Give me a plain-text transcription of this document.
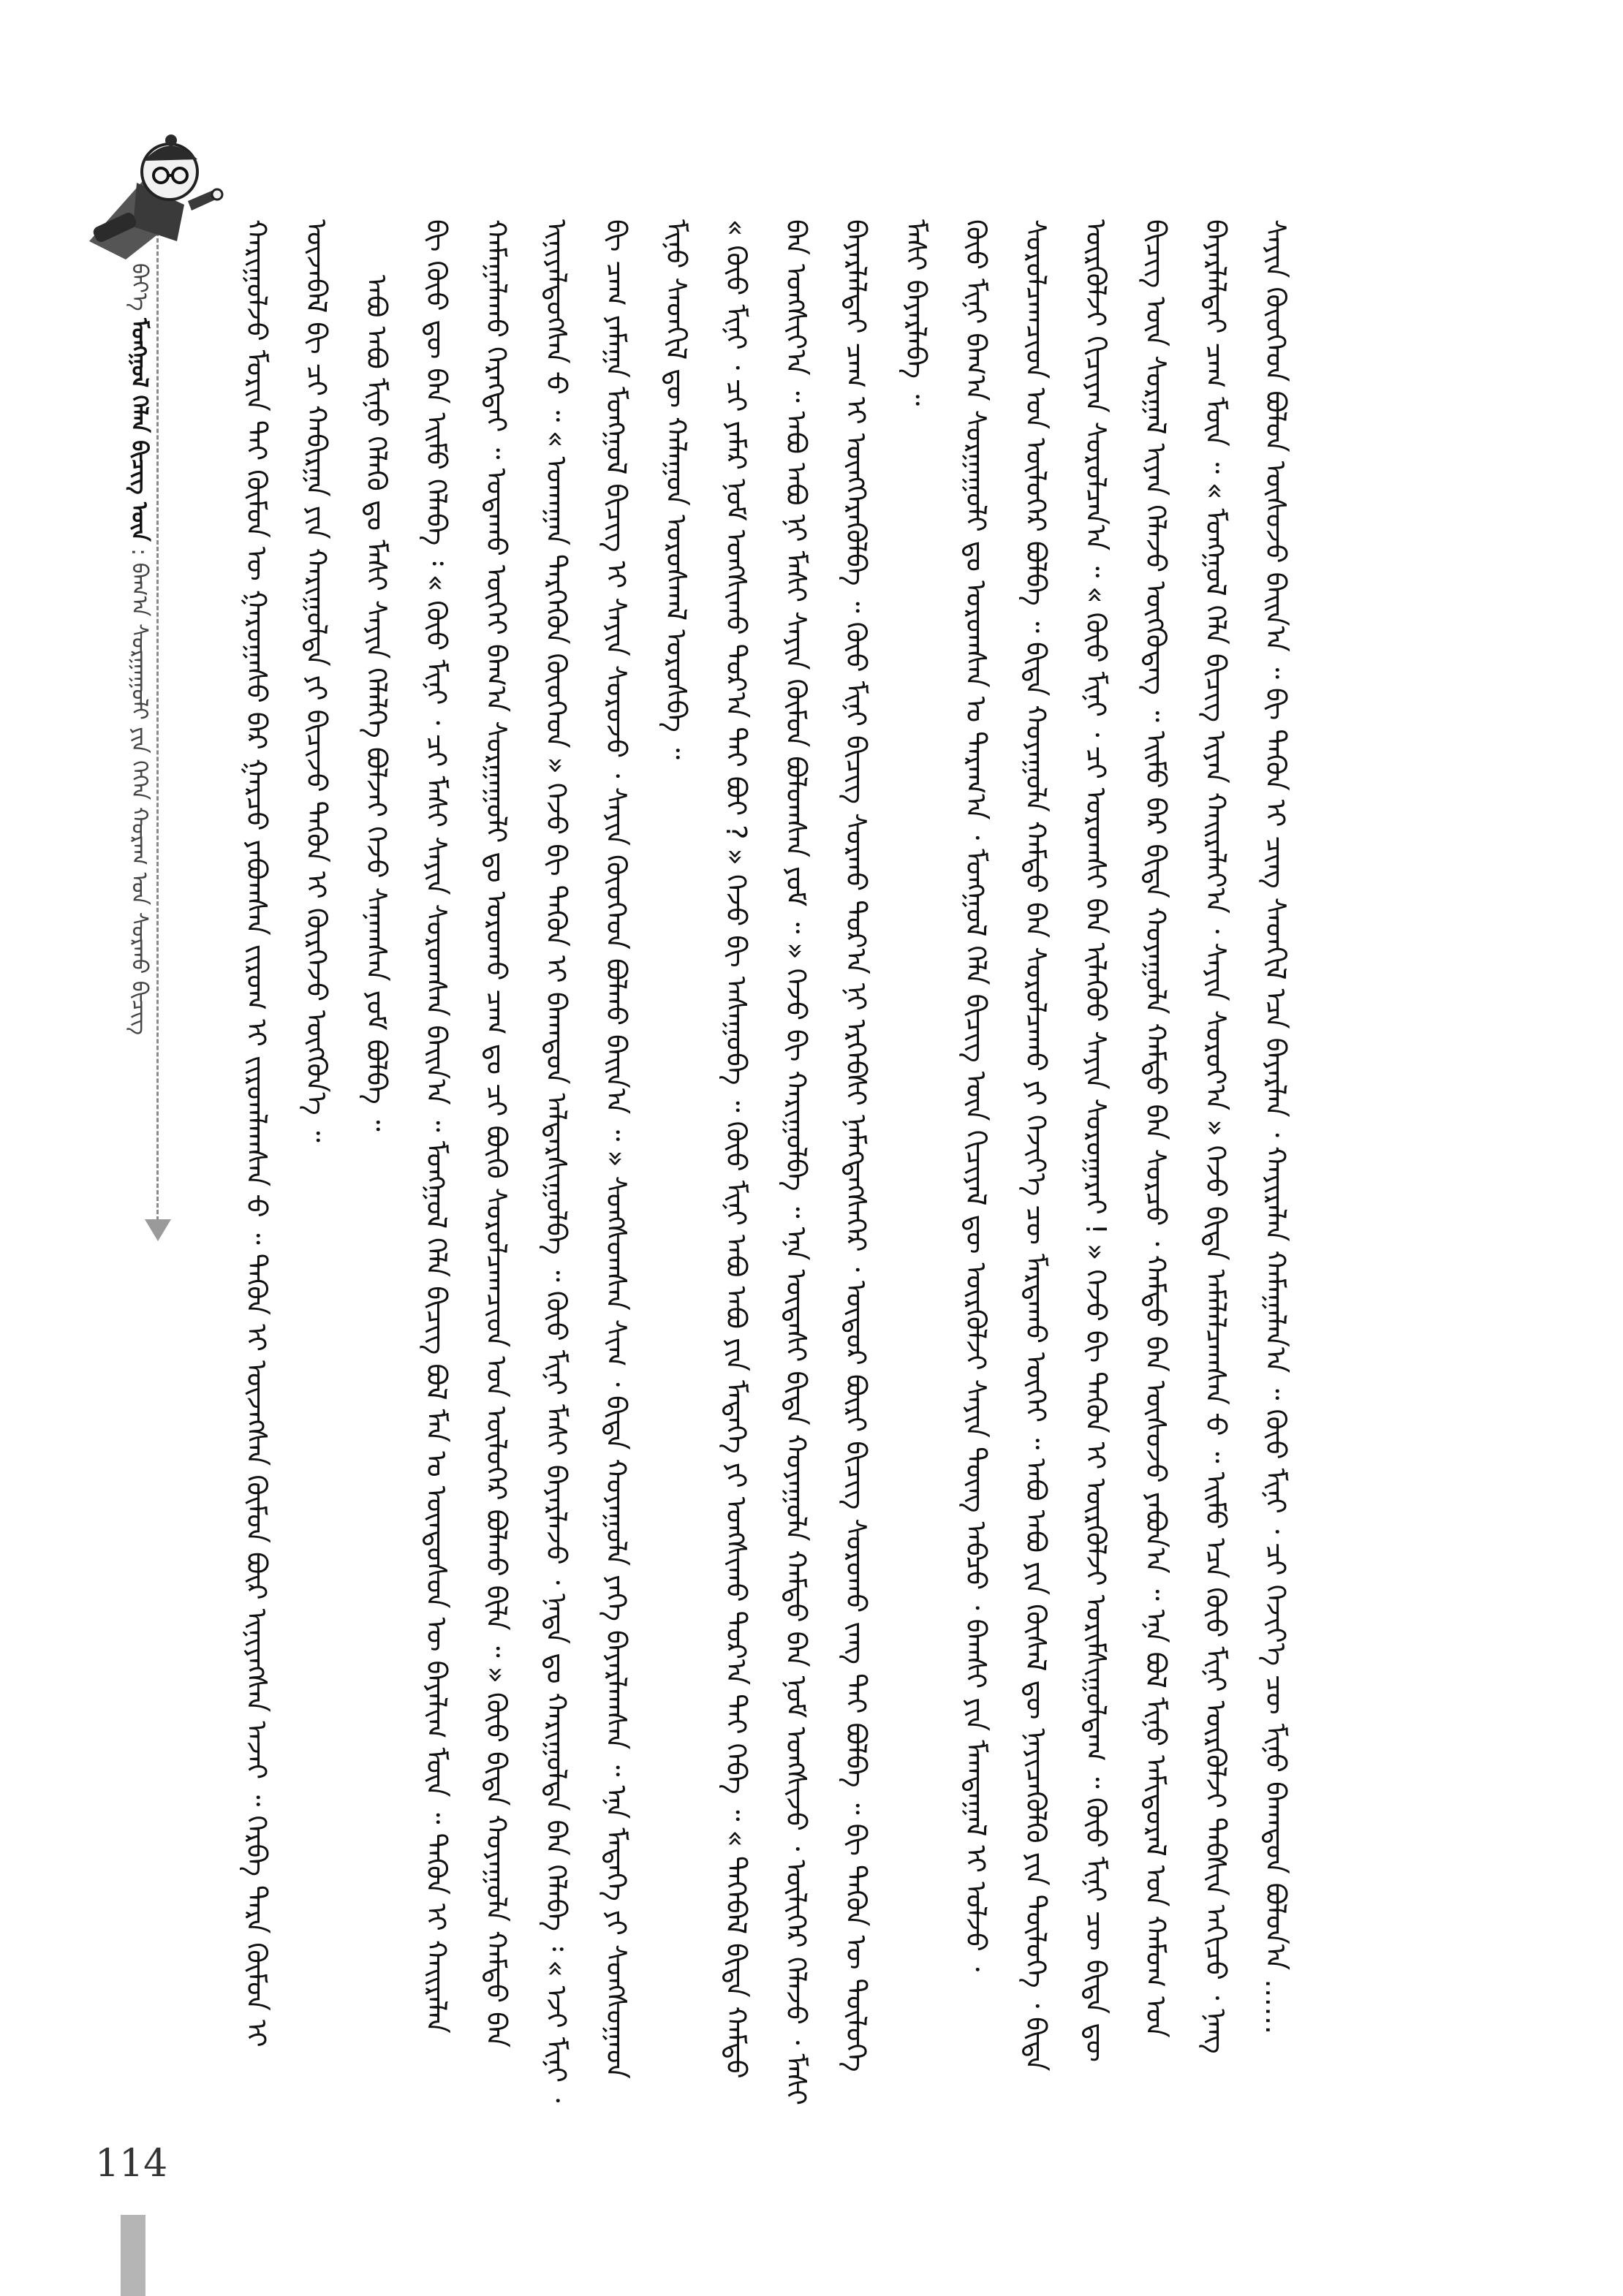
ᠪᠡᠶ᠎ᠡ ᠮᠣᠩᠭᠣᠯ ᠬᠡᠯᠡᠨ ᠪᠢᠴᠢᠭ ᠦᠨ : ᠪᠠᠭ᠎ᠠ ᠰᠤᠷᠭᠠᠭᠤᠯᠢ ᠶᠢᠨ ᠬᠡᠭᠡᠨ ᠬᠣᠷᠠᠭ ᠤᠨ ᠰᠤᠷᠬᠤ ᠪᠢᠴᠢᠭ	ᠬᠠᠷᠢᠭᠤᠯᠵᠤ ᠮᠣᠷᠢᠨ ᠲᠠᠢ ᠬᠦᠮᠦᠨ ᠦ ᠭᠠᠷᠤᠭᠠᠰᠤ ᠪᠡᠷ ᠭᠠᠷᠴᠤ ᠶᠠᠪᠤᠭᠰᠠᠨ ᠵᠢᠷᠤᠭ ᠢ ᠵᠢᠷᠤᠭᠯᠠᠭᠰᠠᠨ ᠊ᠤ ᠃ ᠲᠡᠭᠦᠨ ᠢ ᠦᠵᠡᠭᠰᠡᠨ ᠬᠦᠮᠦᠨ ᠪᠦᠷ ᠢᠨᠢᠶᠡᠭᠰᠡᠨ ᠠᠵᠠᠢ ᠃ ᠬᠡᠷᠪᠡ ᠲᠡᠷᠡ ᠬᠦᠮᠦᠨ ᠢ ᠦᠵᠡᠪᠡᠯ ᠪᠢ ᠴᠢ ᠬᠠᠪᠢᠷᠭᠠ ᠶᠢᠨ ᠬᠠᠷᠢᠭᠤᠯᠳᠠ ᠶᠢ ᠪᠢᠴᠢᠵᠦ ᠲᠡᠭᠦᠨ ᠢ ᠬᠦᠷᠭᠡᠵᠦ ᠦᠭᠭᠦᠨ᠎ᠡ ᠃	ᠠᠪᠤ ᠠᠪᠤ ᠮᠢᠨᠦ ᠬᠡᠯᠡᠬᠦ ᠳᠤ ᠮᠠᠰᠢ ᠰᠠᠶᠢᠨ ᠬᠡᠯᠡᠯᠭᠡ ᠪᠣᠯᠵᠠᠢ ᠭᠡᠵᠦ ᠰᠠᠨᠠᠭᠰᠠᠨ ᠶᠤᠮ ᠪᠣᠯᠪᠠ ᠃	ᠪᠢ ᠬᠦᠦ ᠳᠦ ᠪᠠᠨ ᠡᠢ᠌ᠮᠦ ᠬᠡᠯᠡᠪᠡ ᠄ « ᠬᠦᠦ ᠮᠢᠨᠢ ᠂ ᠴᠢ ᠮᠠᠰᠢ ᠰᠠᠶᠢᠨ ᠰᠤᠷᠤᠭᠰᠠᠨ ᠪᠠᠢᠨ᠎ᠠ ᠃ ᠮᠣᠩᠭᠣᠯ ᠬᠡᠯᠡ ᠪᠢᠴᠢᠭ ᠪᠣᠯ ᠮᠠᠨ ᠤ ᠦᠨᠳᠦᠰᠦᠨ ᠦ ᠪᠠᠶᠠᠯᠢᠭ ᠮᠥᠨ ᠃ ᠲᠡᠭᠦᠨ ᠢ ᠬᠠᠢᠷᠠᠯᠠᠨ ᠬᠠᠮᠠᠭᠠᠯᠠᠬᠤ ᠬᠡᠷᠡᠭᠲᠡᠢ ᠃ ᠤᠳᠠᠬᠤ ᠦᠭᠡᠢ ᠪᠠᠭ᠎ᠠ ᠰᠤᠷᠭᠠᠭᠤᠯᠢ ᠳᠤ ᠣᠷᠣᠬᠤ ᠴᠠᠭ ᠳᠤ ᠴᠢ ᠪᠦᠬᠦ ᠰᠤᠷᠤᠯᠴᠠᠭᠴᠢᠳ ᠤᠨ ᠦᠯᠦᠭᠡᠷ ᠪᠣᠯᠬᠤ ᠪᠢᠯᠡ ᠃ » ᠬᠦᠦ ᠪᠢᠳᠡ ᠬᠣᠶᠠᠭᠤᠯᠠ ᠬᠠᠮᠲᠤ ᠪᠠᠨ ᠢᠨᠢᠶᠡᠯᠳᠦᠭᠰᠡᠨ ᠊ᠦ ᠃ « ᠤᠬᠠᠭᠠᠨ ᠲᠡᠷᠭᠡᠭᠦᠨ ᠬᠦᠦᠬᠡᠳ » ᠭᠡᠵᠦ ᠪᠢ ᠲᠡᠭᠦᠨ ᠢ ᠪᠠᠬᠠᠳᠤᠨ ᠠᠯᠳᠠᠷᠰᠢᠭᠤᠯᠪᠠ ᠃ ᠬᠦᠦ ᠮᠢᠨᠢ ᠮᠠᠰᠢ ᠪᠠᠶᠠᠷᠯᠠᠵᠤ ᠂ ᠨᠠᠳᠠ ᠳᠤ ᠬᠠᠷᠢᠭᠤᠯᠲᠠ ᠪᠡᠨ ᠬᠡᠯᠡᠪᠡ ᠄ « ᠡᠵᠢ ᠮᠢᠨᠢ ᠂ ᠪᠢ ᠴᠠᠭ ᠶᠠᠮᠠᠭᠠ ᠮᠣᠩᠭᠣᠯ ᠪᠢᠴᠢᠭ ᠢ ᠰᠠᠶᠢᠨ ᠰᠤᠷᠤᠵᠤ ᠂ ᠰᠠᠶᠢᠨ ᠬᠦᠦᠬᠡᠳ ᠪᠣᠯᠬᠤ ᠪᠠᠢᠨ᠎ᠠ ᠃ » ᠰᠣᠩᠰᠣᠭᠰᠠᠨ ᠰᠢᠭ᠋ ᠂ ᠪᠢᠳᠡ ᠬᠣᠶᠠᠭᠤᠯᠠ ᠶᠡᠬᠡ ᠪᠠᠶᠠᠷᠯᠠᠭᠰᠠᠨ ᠃ ᠡᠨᠡ ᠮᠡᠳᠡᠭᠡ ᠶᠢ ᠰᠣᠩᠰᠣᠭᠠᠳ ᠮᠢᠨᠦ ᠰᠡᠳᠬᠢᠯ ᠳᠦ ᠬᠠᠯᠠᠭᠤᠨ ᠤᠷᠤᠰᠬᠠᠯ ᠤᠷᠤᠰᠪᠠ ᠃	« ᠬᠦᠦ ᠮᠢᠨᠢ ᠂ ᠴᠢ ᠶᠠᠮᠠᠷ ᠨᠣᠮ ᠤᠩᠰᠢᠬᠤ ᠳᠤᠷ᠎ᠠ ᠲᠠᠢ ᠪᠤᠢ ? » ᠭᠡᠵᠦ ᠪᠢ ᠠᠰᠠᠭᠤᠪᠠ ᠃ ᠬᠦᠦ ᠮᠢᠨᠢ ᠠᠪᠤ ᠠᠪᠤ ᠶᠢᠨ ᠮᠡᠳᠡᠭᠡ ᠶᠢ ᠤᠩᠰᠢᠬᠤ ᠳᠤᠷ᠎ᠠ ᠲᠠᠢ ᠭᠡᠪᠡ ᠃ « ᠲᠡᠭᠡᠪᠡᠯ ᠪᠢᠳᠡ ᠬᠠᠮᠲᠤ ᠪᠠᠨ ᠤᠩᠰᠢᠶ᠎ᠠ ᠃ ᠠᠪᠤ ᠠᠪᠤ ᠨᠢ ᠮᠠᠰᠢ ᠰᠠᠶᠢᠨ ᠬᠦᠮᠦᠨ ᠪᠣᠯᠣᠭᠰᠠᠨ ᠶᠤᠮ ᠃ » ᠭᠡᠵᠦ ᠪᠢ ᠬᠠᠷᠢᠭᠤᠯᠪᠠ ᠃ ᠡᠨᠡ ᠦᠳᠡᠰᠢ ᠪᠢᠳᠡ ᠬᠣᠶᠠᠭᠤᠯᠠ ᠬᠠᠮᠲᠤ ᠪᠠᠨ ᠨᠣᠮ ᠤᠩᠰᠢᠵᠤ ᠂ ᠦᠯᠢᠭᠡᠷ ᠬᠡᠯᠡᠵᠦ ᠂ ᠮᠠᠰᠢ ᠪᠠᠶᠠᠷᠯᠠᠯᠲᠠᠢ ᠴᠠᠭ ᠢ ᠥᠩᠭᠡᠷᠡᠭᠦᠯᠪᠡ ᠃ ᠬᠦᠦ ᠮᠢᠨᠢ ᠪᠢᠴᠢᠭ ᠰᠤᠷᠬᠤ ᠳᠤᠷ᠎ᠠ ᠨᠢ ᠡᠷᠬᠡᠪᠰᠢ ᠨᠡᠮᠡᠭᠳᠡᠭᠰᠡᠭᠡᠷ ᠂ ᠦᠳᠦᠷ ᠪᠦᠷᠢ ᠪᠢᠴᠢᠭ ᠰᠤᠷᠤᠬᠤ ᠵᠠᠩ ᠲᠠᠢ ᠪᠣᠯᠪᠠ ᠃ ᠪᠢ ᠲᠡᠭᠦᠨ ᠦ ᠲᠥᠯᠦᠭᠡ ᠮᠠᠰᠢ ᠪᠠᠶᠠᠷᠯᠠᠪᠠ ᠃	ᠬᠦᠦ ᠮᠢᠨᠢ ᠪᠠᠭ᠎ᠠ ᠰᠤᠷᠭᠠᠭᠤᠯᠢ ᠳᠤ ᠣᠷᠣᠭᠰᠠᠨ ᠤ ᠳᠠᠷᠠᠭ᠎ᠠ ᠂ ᠮᠣᠩᠭᠣᠯ ᠬᠡᠯᠡ ᠪᠢᠴᠢᠭ ᠦᠨ ᠬᠢᠴᠢᠶᠡᠯ ᠳᠦ ᠦᠷᠭᠦᠯᠵᠢ ᠰᠠᠶᠢᠨ ᠳᠦᠩ ᠠᠪᠴᠤ ᠂ ᠪᠠᠭᠰᠢ ᠶᠢᠨ ᠮᠠᠭᠲᠠᠭᠠᠯ ᠢ ᠣᠯᠵᠤ ᠂ ᠰᠤᠷᠤᠯᠴᠠᠭᠴᠢᠳ ᠤᠨ ᠦᠯᠦᠭᠡᠷ ᠪᠣᠯᠪᠠ ᠃ ᠪᠢᠳᠡ ᠬᠣᠶᠠᠭᠤᠯᠠ ᠬᠠᠮᠲᠤ ᠪᠠᠨ ᠰᠤᠷᠤᠯᠴᠠᠬᠤ ᠶᠢ ᠬᠡᠵᠢᠶ᠎ᠡ ᠴᠦ ᠮᠠᠷᠲᠠᠬᠤ ᠦᠭᠡᠢ ᠃ ᠠᠪᠤ ᠠᠪᠤ ᠶᠢᠨ ᠬᠦᠰᠡᠯ ᠳᠦ ᠨᠡᠶᠢᠴᠡᠭᠦᠯᠬᠦ ᠶᠢᠨ ᠲᠥᠯᠦᠭᠡ ᠂ ᠪᠢᠳᠡ ᠦᠷᠭᠦᠯᠵᠢ ᠬᠢᠴᠢᠶᠡᠨ ᠰᠤᠷᠤᠯᠴᠠᠨ᠎ᠠ ᠃ « ᠬᠦᠦ ᠮᠢᠨᠢ ᠂ ᠴᠢ ᠤᠷᠤᠭᠰᠢ ᠪᠠᠨ ᠢᠯᠡᠭᠦᠦ ᠰᠠᠶᠢᠨ ᠰᠤᠷᠤᠭᠠᠷᠠᠢ ! » ᠭᠡᠵᠦ ᠪᠢ ᠲᠡᠭᠦᠨ ᠢ ᠦᠷᠭᠦᠯᠵᠢ ᠤᠷᠢᠮᠰᠢᠭᠤᠯᠳᠠᠭ ᠃ ᠬᠦᠦ ᠮᠢᠨᠢ ᠴᠦ ᠪᠢᠳᠡ ᠳᠦ ᠪᠢᠴᠢᠭ ᠦᠨ ᠰᠤᠷᠭᠠᠯ ᠢᠶᠠᠨ ᠬᠡᠯᠡᠵᠦ ᠥᠭᠭᠦᠳᠡᠭ ᠃ ᠡᠢ᠌ᠮᠦ ᠪᠡᠷ ᠪᠢᠳᠡ ᠬᠣᠶᠠᠭᠤᠯᠠ ᠬᠠᠮᠲᠤ ᠪᠠᠨ ᠰᠤᠷᠴᠤ ᠂ ᠬᠠᠮᠲᠤ ᠪᠠᠨ ᠥᠰᠦᠵᠦ ᠶᠠᠪᠤᠨ᠎ᠠ ᠃ ᠡᠨᠡ ᠪᠣᠯ ᠮᠢᠨᠦ ᠠᠮᠢᠳᠤᠷᠠᠯ ᠤᠨ ᠬᠠᠮᠤᠭ ᠤᠨ ᠪᠠᠶᠠᠷᠯᠠᠯᠲᠠᠢ ᠴᠠᠭ ᠮᠥᠨ ᠃ « ᠮᠣᠩᠭᠣᠯ ᠬᠡᠯᠡ ᠪᠢᠴᠢᠭ ᠢᠶᠡᠨ ᠬᠠᠢᠷᠠᠯᠠᠶ᠎ᠠ ᠂ ᠰᠠᠶᠢᠨ ᠰᠤᠷᠤᠶ᠎ᠠ » ᠭᠡᠵᠦ ᠪᠢᠳᠡ ᠠᠮᠠᠯᠠᠯᠴᠠᠭᠰᠠᠨ ᠊ᠤ ᠃ ᠡᠢ᠌ᠮᠦ ᠡᠴᠡ ᠬᠦᠦ ᠮᠢᠨᠢ ᠦᠷᠭᠦᠯᠵᠢ ᠳᠡᠪᠰᠢᠨ ᠠᠬᠢᠴᠤ ᠂ ᠨᠡᠩ ᠰᠠᠶᠢᠨ ᠬᠦᠦᠬᠡᠳ ᠪᠣᠯᠤᠨ ᠥᠰᠦᠵᠦ ᠪᠠᠢᠨ᠎ᠠ ᠃ ᠪᠢ ᠲᠡᠭᠦᠨ ᠢ ᠴᠢᠩ ᠰᠡᠳᠬᠢᠯ ᠡᠴᠡ ᠪᠠᠶᠠᠷᠯᠠᠨ ᠂ ᠬᠠᠶᠢᠷᠠᠯᠠᠨ ᠬᠠᠮᠠᠭᠠᠯᠠᠨ᠎ᠠ ᠃ ᠬᠦᠦ ᠮᠢᠨᠢ ᠂ ᠴᠢ ᠬᠡᠵᠢᠶ᠎ᠡ ᠴᠦ ᠮᠢᠨᠦ ᠪᠠᠬᠠᠳᠤᠨ ᠪᠣᠯᠤᠨ᠎ᠠ ……

114
